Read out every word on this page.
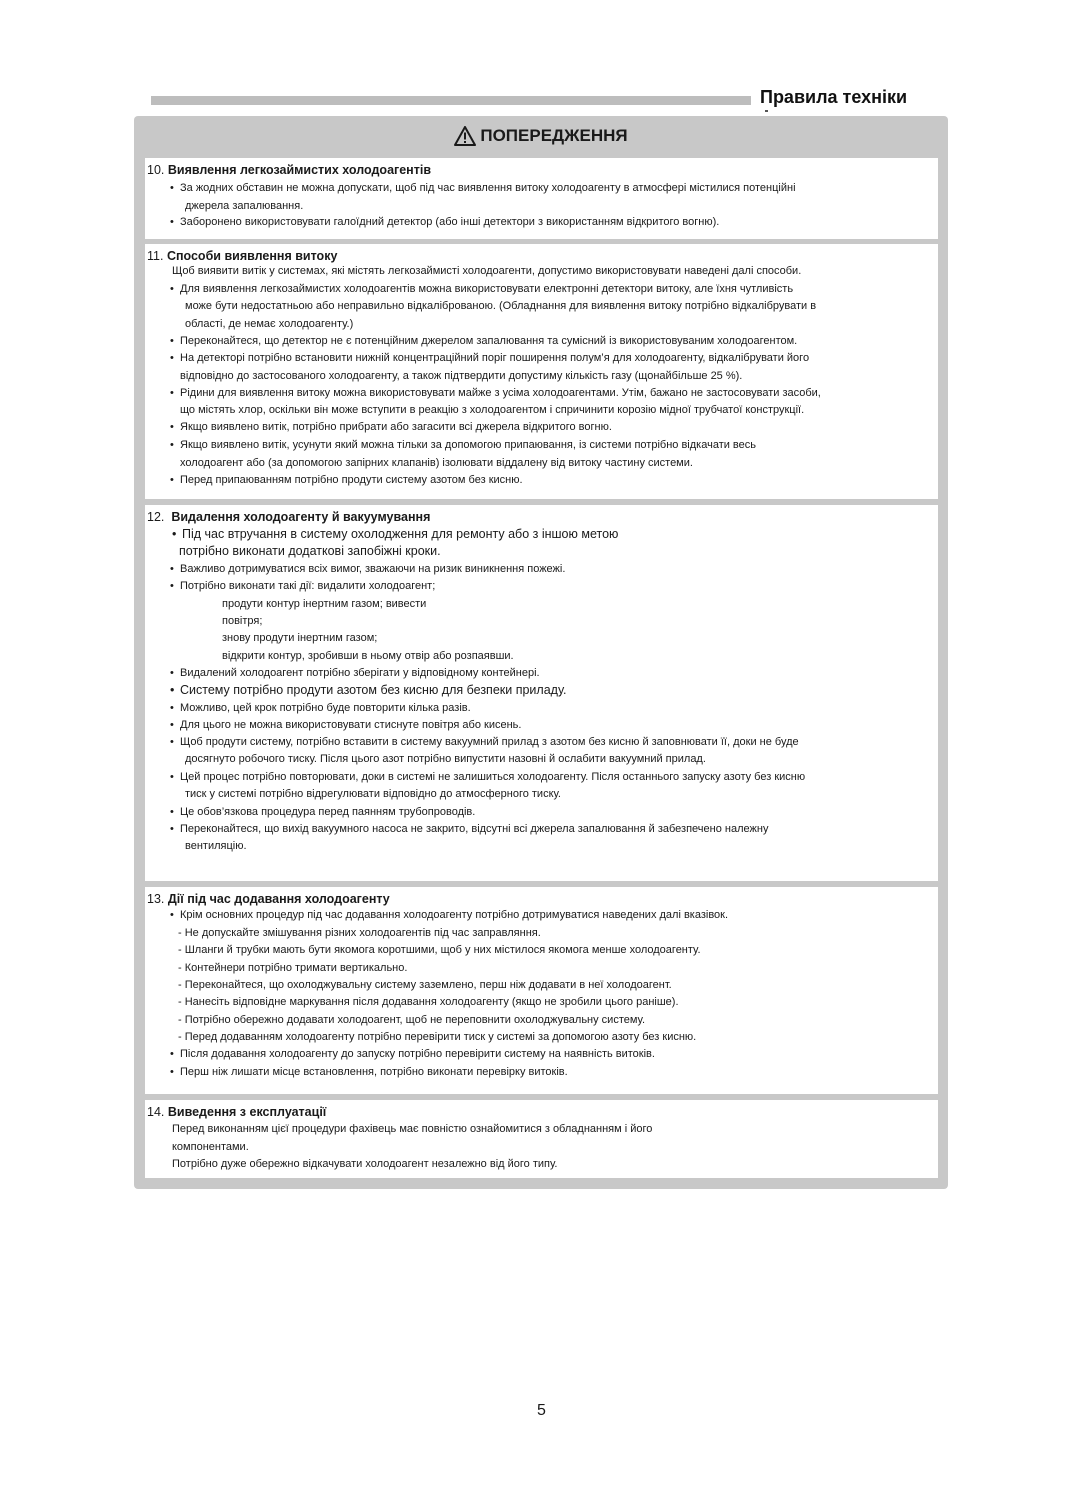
Правила техніки
ПОПЕРЕДЖЕННЯ
10. Виявлення легкозаймистих холодоагентів
• За жодних обставин не можна допускати, щоб під час виявлення витоку холодоагенту в атмосфері містилися потенційні
джерела запалювання.
• Заборонено використовувати галоїдний детектор (або інші детектори з використанням відкритого вогню).
11. Способи виявлення витоку
Щоб виявити витік у системах, які містять легкозаймисті холодоагенти, допустимо використовувати наведені далі способи.
• Для виявлення легкозаймистих холодоагентів можна використовувати електронні детектори витоку, але їхня чутливість
може бути недостатньою або неправильно відкаліброваною. (Обладнання для виявлення витоку потрібно відкалібрувати в
області, де немає холодоагенту.)
• Переконайтеся, що детектор не є потенційним джерелом запалювання та сумісний із використовуваним холодоагентом.
• На детекторі потрібно встановити нижній концентраційний поріг поширення полум’я для холодоагенту, відкалібрувати його
відповідно до застосованого холодоагенту, а також підтвердити допустиму кількість газу (щонайбільше 25 %).
• Рідини для виявлення витоку можна використовувати майже з усіма холодоагентами. Утім, бажано не застосовувати засоби,
що містять хлор, оскільки він може вступити в реакцію з холодоагентом і спричинити корозію мідної трубчатої конструкції.
• Якщо виявлено витік, потрібно прибрати або загасити всі джерела відкритого вогню.
• Якщо виявлено витік, усунути який можна тільки за допомогою припаювання, із системи потрібно відкачати весь
холодоагент або (за допомогою запірних клапанів) ізолювати віддалену від витоку частину системи.
• Перед припаюванням потрібно продути систему азотом без кисню.
12. Видалення холодоагенту й вакуумування
• Під час втручання в систему охолодження для ремонту або з іншою метою
потрібно виконати додаткові запобіжні кроки.
• Важливо дотримуватися всіх вимог, зважаючи на ризик виникнення пожежі.
• Потрібно виконати такі дії: видалити холодоагент;
продути контур інертним газом; вивести
повітря;
знову продути інертним газом;
відкрити контур, зробивши в ньому отвір або розпаявши.
• Видалений холодоагент потрібно зберігати у відповідному контейнері.
• Систему потрібно продути азотом без кисню для безпеки приладу.
• Можливо, цей крок потрібно буде повторити кілька разів.
• Для цього не можна використовувати стиснуте повітря або кисень.
• Щоб продути систему, потрібно вставити в систему вакуумний прилад з азотом без кисню й заповнювати її, доки не буде
досягнуто робочого тиску. Після цього азот потрібно випустити назовні й ослабити вакуумний прилад.
• Цей процес потрібно повторювати, доки в системі не залишиться холодоагенту. Після останнього запуску азоту без кисню
тиск у системі потрібно відрегулювати відповідно до атмосферного тиску.
• Це обов’язкова процедура перед паянням трубопроводів.
• Переконайтеся, що вихід вакуумного насоса не закрито, відсутні всі джерела запалювання й забезпечено належну
вентиляцію.
13. Дії під час додавання холодоагенту
• Крім основних процедур під час додавання холодоагенту потрібно дотримуватися наведених далі вказівок.
- Не допускайте змішування різних холодоагентів під час заправляння.
- Шланги й трубки мають бути якомога коротшими, щоб у них містилося якомога менше холодоагенту.
- Контейнери потрібно тримати вертикально.
- Переконайтеся, що охолоджувальну систему заземлено, перш ніж додавати в неї холодоагент.
- Нанесіть відповідне маркування після додавання холодоагенту (якщо не зробили цього раніше).
- Потрібно обережно додавати холодоагент, щоб не переповнити охолоджувальну систему.
- Перед додаванням холодоагенту потрібно перевірити тиск у системі за допомогою азоту без кисню.
• Після додавання холодоагенту до запуску потрібно перевірити систему на наявність витоків.
• Перш ніж лишати місце встановлення, потрібно виконати перевірку витоків.
14. Виведення з експлуатації
Перед виконанням цієї процедури фахівець має повністю ознайомитися з обладнанням і його
компонентами.
Потрібно дуже обережно відкачувати холодоагент незалежно від його типу.
5
